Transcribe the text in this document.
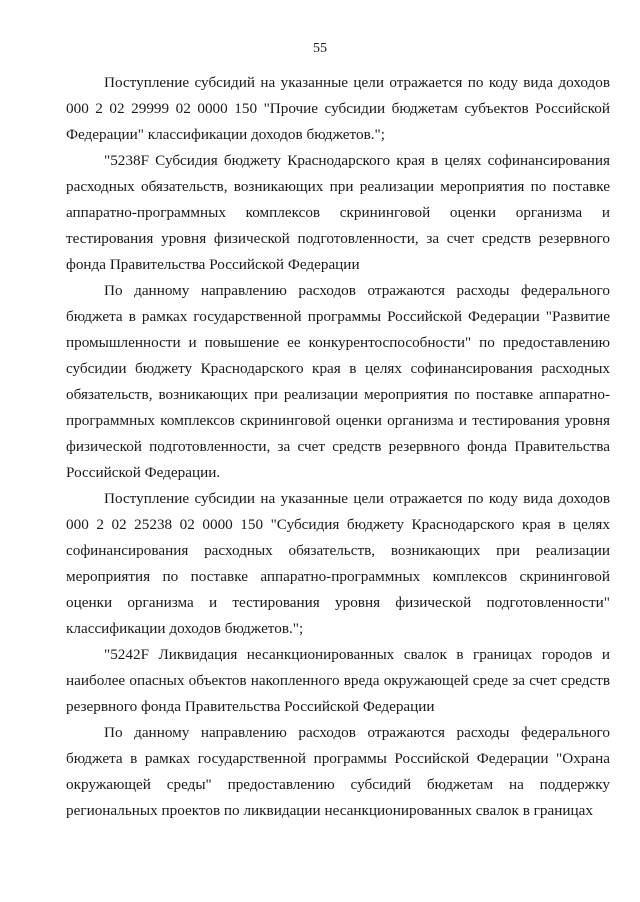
55

Поступление субсидий на указанные цели отражается по коду вида доходов 000 2 02 29999 02 0000 150 "Прочие субсидии бюджетам субъектов Российской Федерации" классификации доходов бюджетов.";

"5238F Субсидия бюджету Краснодарского края в целях софинансирования расходных обязательств, возникающих при реализации мероприятия по поставке аппаратно-программных комплексов скрининговой оценки организма и тестирования уровня физической подготовленности, за счет средств резервного фонда Правительства Российской Федерации

По данному направлению расходов отражаются расходы федерального бюджета в рамках государственной программы Российской Федерации "Развитие промышленности и повышение ее конкурентоспособности" по предоставлению субсидии бюджету Краснодарского края в целях софинансирования расходных обязательств, возникающих при реализации мероприятия по поставке аппаратно-программных комплексов скрининговой оценки организма и тестирования уровня физической подготовленности, за счет средств резервного фонда Правительства Российской Федерации.

Поступление субсидии на указанные цели отражается по коду вида доходов 000 2 02 25238 02 0000 150 "Субсидия бюджету Краснодарского края в целях софинансирования расходных обязательств, возникающих при реализации мероприятия по поставке аппаратно-программных комплексов скрининговой оценки организма и тестирования уровня физической подготовленности" классификации доходов бюджетов.";

"5242F Ликвидация несанкционированных свалок в границах городов и наиболее опасных объектов накопленного вреда окружающей среде за счет средств резервного фонда Правительства Российской Федерации

По данному направлению расходов отражаются расходы федерального бюджета в рамках государственной программы Российской Федерации "Охрана окружающей среды" предоставлению субсидий бюджетам на поддержку региональных проектов по ликвидации несанкционированных свалок в границах
